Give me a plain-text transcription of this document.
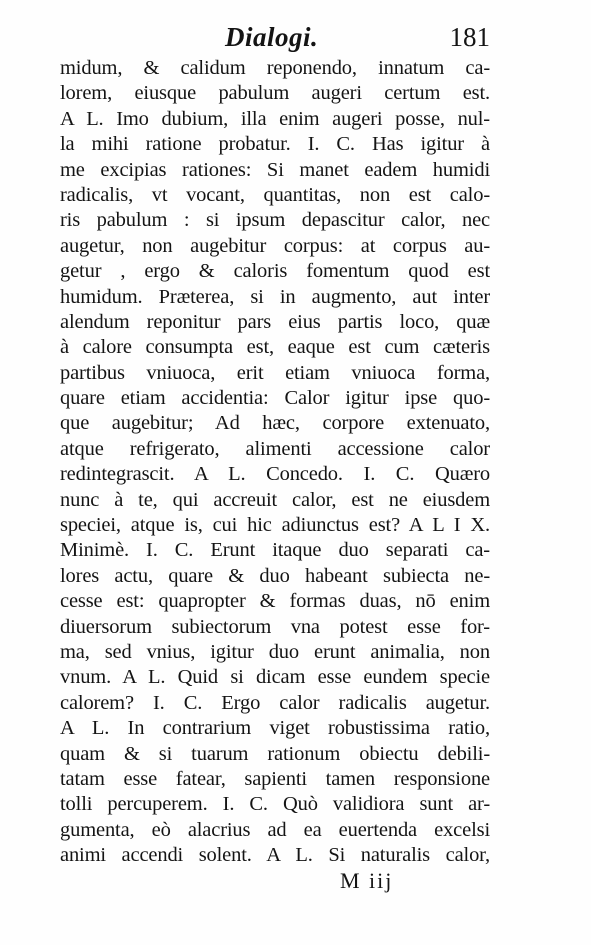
Dialogi.	181
midum, & calidum reponendo, innatum ca-
lorem, eiusque pabulum augeri certum est.
A L. Imo dubium, illa enim augeri posse, nul-
la mihi ratione probatur. I. C. Has igitur à
me excipias rationes: Si manet eadem humidi
radicalis, vt vocant, quantitas, non est calo-
ris pabulum : si ipsum depascitur calor, nec
augetur, non augebitur corpus: at corpus au-
getur , ergo & caloris fomentum quod est
humidum. Præterea, si in augmento, aut inter
alendum reponitur pars eius partis loco, quæ
à calore consumpta est, eaque est cum cæteris
partibus vniuoca, erit etiam vniuoca forma,
quare etiam accidentia: Calor igitur ipse quo-
que augebitur; Ad hæc, corpore extenuato,
atque refrigerato, alimenti accessione calor
redintegrascit. A L. Concedo. I. C. Quæro
nunc à te, qui accreuit calor, est ne eiusdem
speciei, atque is, cui hic adiunctus est? A L I X.
Minimè. I. C. Erunt itaque duo separati ca-
lores actu, quare & duo habeant subiecta ne-
cesse est: quapropter & formas duas, nō enim
diuersorum subiectorum vna potest esse for-
ma, sed vnius, igitur duo erunt animalia, non
vnum. A L. Quid si dicam esse eundem specie
calorem? I. C. Ergo calor radicalis augetur.
A L. In contrarium viget robustissima ratio,
quam & si tuarum rationum obiectu debili-
tatam esse fatear, sapienti tamen responsione
tolli percuperem. I. C. Quò validiora sunt ar-
gumenta, eò alacrius ad ea euertenda excelsi
animi accendi solent. A L. Si naturalis calor,
M iij
